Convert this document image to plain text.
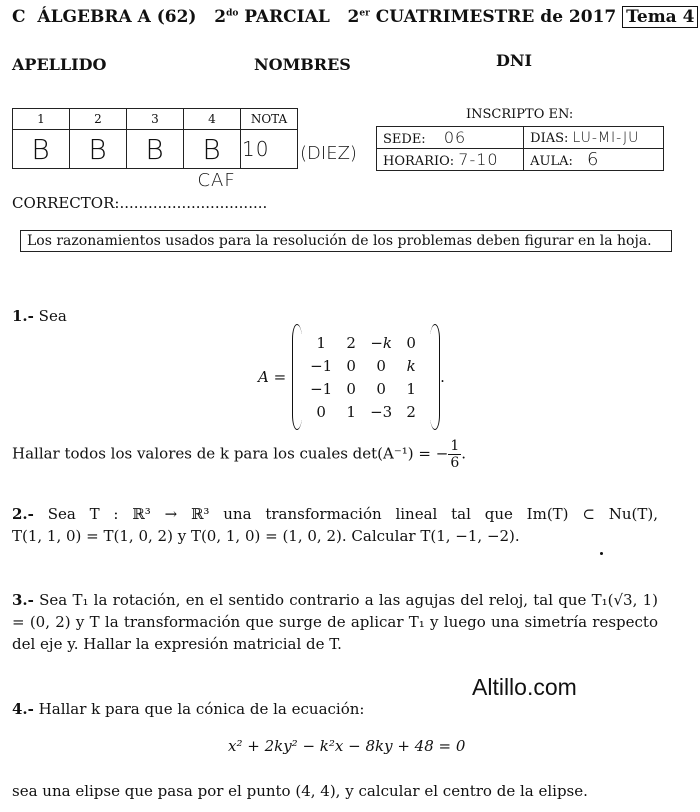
C ÁLGEBRA A (62) $2^{do}$ PARCIAL 2er CUATRIMESTRE de 2017 Tema 4
APELLIDO	NOMBRES	DNI
1	2	3	4	NOTA
B	B	B	B	10 (DIEZ)
INSCRIPTO EN:
SEDE: 06	DIAS: LU-MI-JU
HORARIO: 7-10	AULA: 6
CORRECTOR:...............................
CAF
Los razonamientos usados para la resolución de los problemas deben figurar en la hoja.
1.- Sea
A =
1	2 −k 0
−1 0	0	k
−1 0	0	1
0	1 −3 2
.
Hallar todos los valores de k para los cuales det(A⁻¹) = − $\frac{1}{6}$ .

2.- Sea T : ℝ³ → ℝ³ una transformación lineal tal que Im(T) ⊂ Nu(T),

T(1, 1, 0) = T(1, 0, 2) y T(0, 1, 0) = (1, 0, 2). Calcular T(1, −1, −2).

3.- Sea T₁ la rotación, en el sentido contrario a las agujas del reloj, tal que T₁(√3, 1) = (0, 2) y T la transformación que surge de aplicar T₁ y luego una simetría respecto del eje y. Hallar la expresión matricial de T.

Altillo.com
4.- Hallar k para que la cónica de la ecuación:
x² + 2ky² − k²x − 8ky + 48 = 0
sea una elipse que pasa por el punto (4, 4), y calcular el centro de la elipse.
